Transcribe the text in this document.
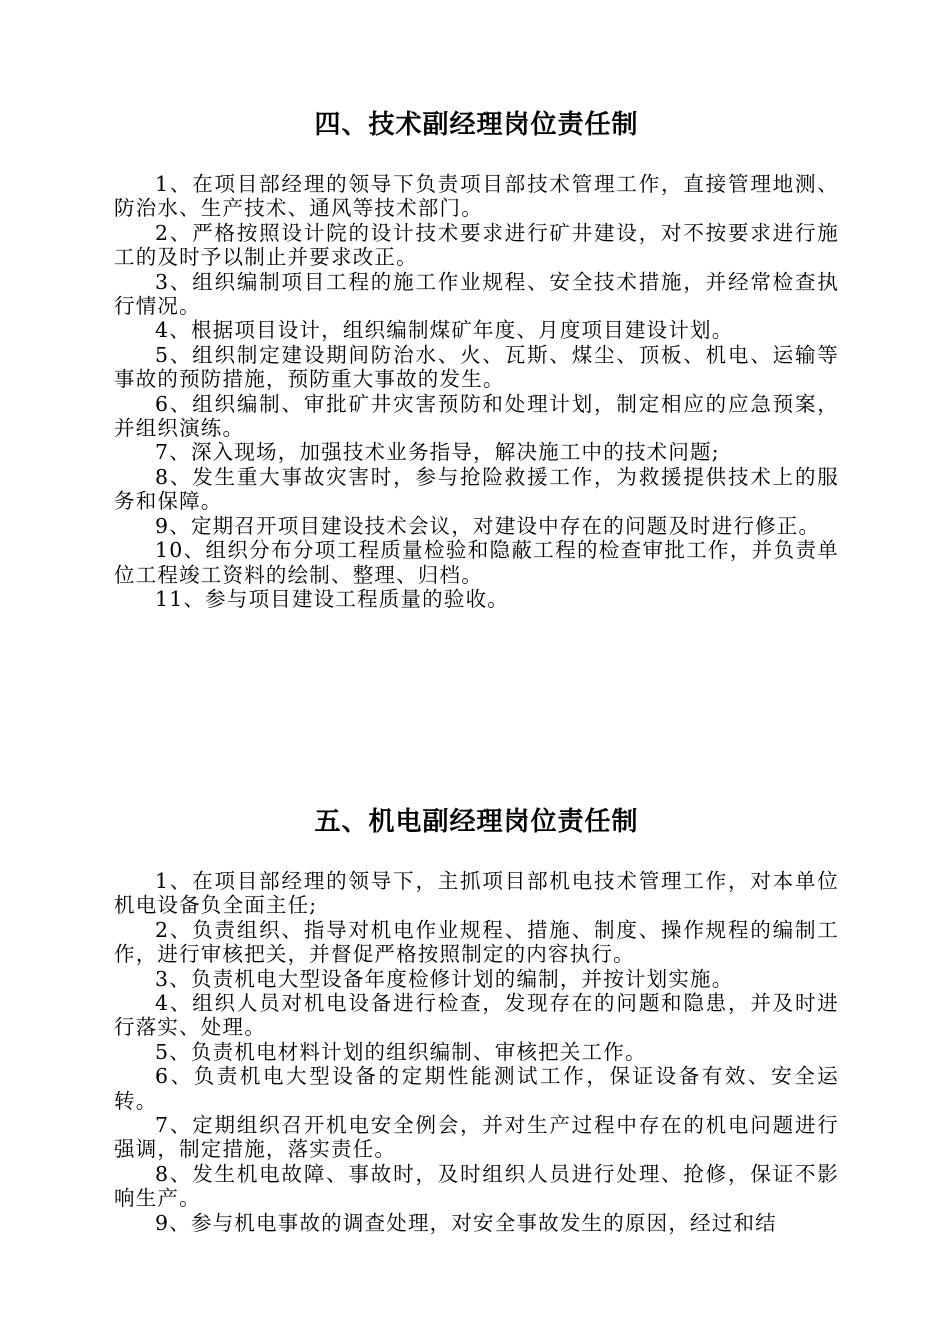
四、技术副经理岗位责任制

1、在项目部经理的领导下负责项目部技术管理工作，直接管理地测、防治水、生产技术、通风等技术部门。

2、严格按照设计院的设计技术要求进行矿井建设，对不按要求进行施工的及时予以制止并要求改正。

3、组织编制项目工程的施工作业规程、安全技术措施，并经常检查执行情况。

4、根据项目设计，组织编制煤矿年度、月度项目建设计划。

5、组织制定建设期间防治水、火、瓦斯、煤尘、顶板、机电、运输等事故的预防措施，预防重大事故的发生。

6、组织编制、审批矿井灾害预防和处理计划，制定相应的应急预案，并组织演练。

7、深入现场，加强技术业务指导，解决施工中的技术问题;

8、发生重大事故灾害时，参与抢险救援工作，为救援提供技术上的服务和保障。

9、定期召开项目建设技术会议，对建设中存在的问题及时进行修正。

10、组织分布分项工程质量检验和隐蔽工程的检查审批工作，并负责单位工程竣工资料的绘制、整理、归档。

11、参与项目建设工程质量的验收。

五、机电副经理岗位责任制

1、在项目部经理的领导下，主抓项目部机电技术管理工作，对本单位机电设备负全面主任;

2、负责组织、指导对机电作业规程、措施、制度、操作规程的编制工作，进行审核把关，并督促严格按照制定的内容执行。

3、负责机电大型设备年度检修计划的编制，并按计划实施。

4、组织人员对机电设备进行检查，发现存在的问题和隐患，并及时进行落实、处理。

5、负责机电材料计划的组织编制、审核把关工作。

6、负责机电大型设备的定期性能测试工作，保证设备有效、安全运转。

7、定期组织召开机电安全例会，并对生产过程中存在的机电问题进行强调，制定措施，落实责任。

8、发生机电故障、事故时，及时组织人员进行处理、抢修，保证不影响生产。

9、参与机电事故的调查处理，对安全事故发生的原因，经过和结
